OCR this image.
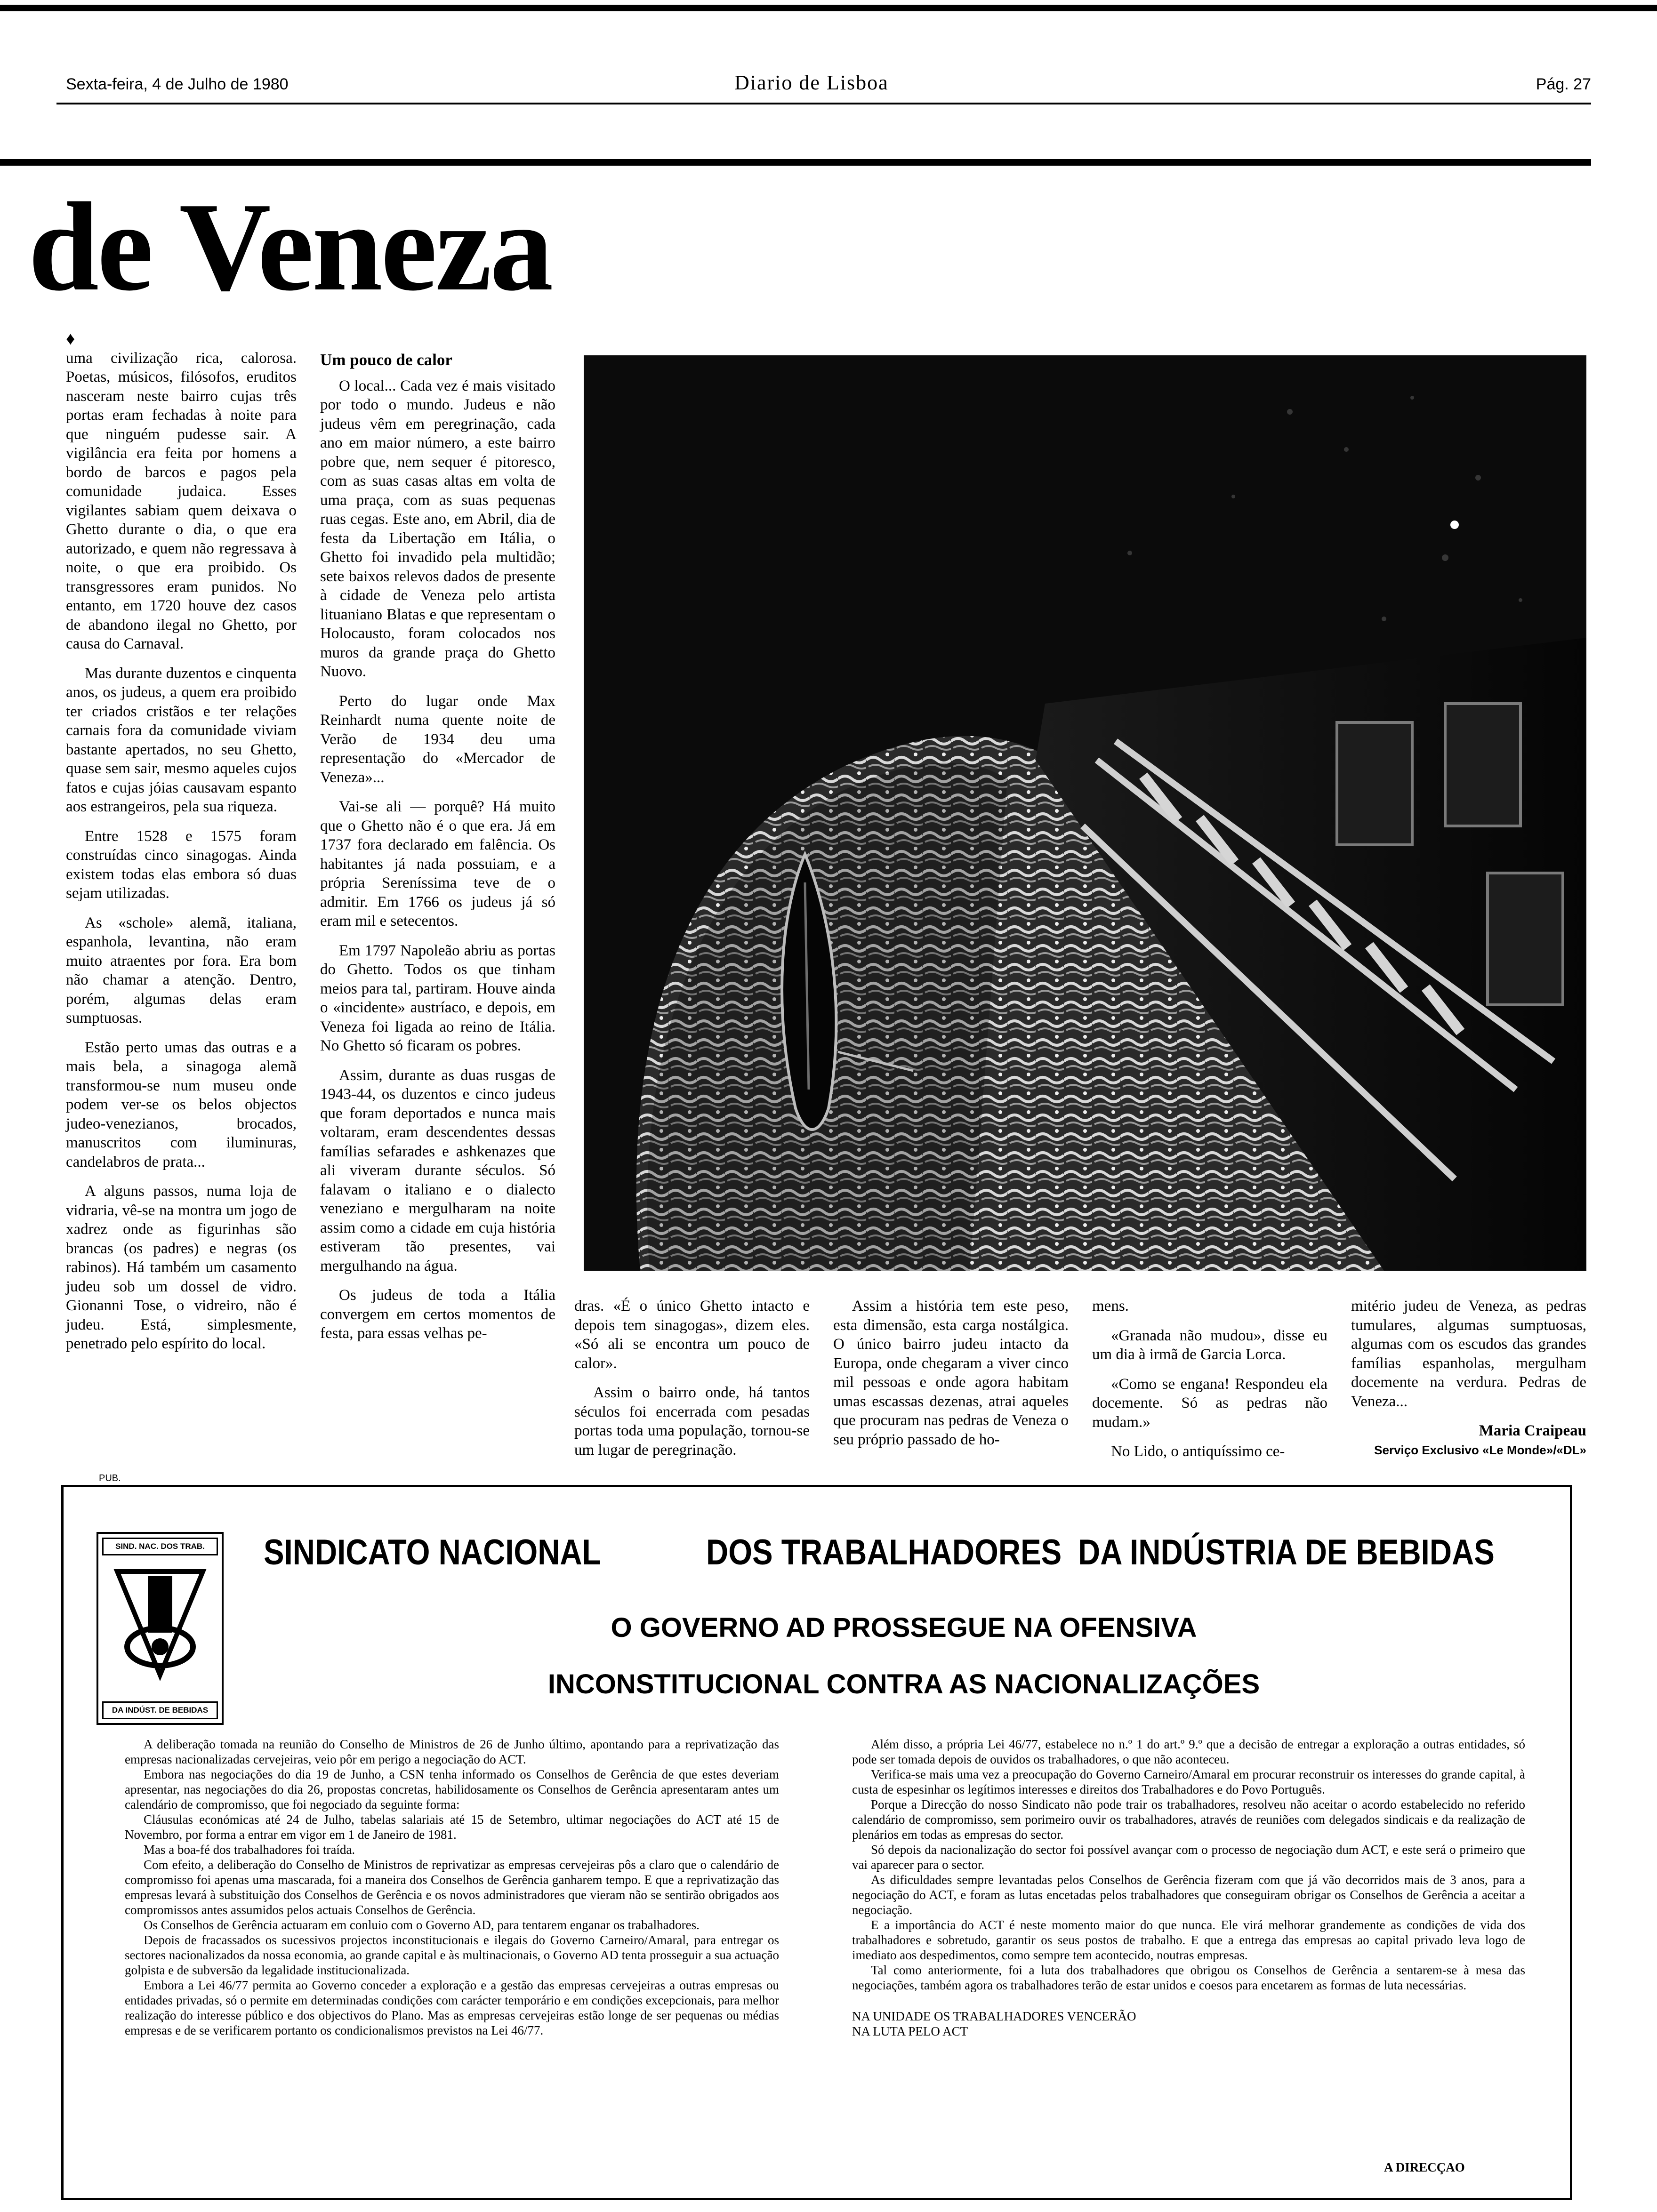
Sexta-feira, 4 de Julho de 1980	Diario de Lisboa	Pág. 27
de Veneza
♦

uma civilização rica, calorosa. Poetas, músicos, filósofos, eruditos nasceram neste bairro cujas três portas eram fechadas à noite para que ninguém pudesse sair. A vigilância era feita por homens a bordo de barcos e pagos pela comunidade judaica. Esses vigilantes sabiam quem deixava o Ghetto durante o dia, o que era autorizado, e quem não regressava à noite, o que era proibido. Os transgressores eram punidos. No entanto, em 1720 houve dez casos de abandono ilegal no Ghetto, por causa do Carnaval.

Mas durante duzentos e cinquenta anos, os judeus, a quem era proibido ter criados cristãos e ter relações carnais fora da comunidade viviam bastante apertados, no seu Ghetto, quase sem sair, mesmo aqueles cujos fatos e cujas jóias causavam espanto aos estrangeiros, pela sua riqueza.

Entre 1528 e 1575 foram construídas cinco sinagogas. Ainda existem todas elas embora só duas sejam utilizadas.

As «schole» alemã, italiana, espanhola, levantina, não eram muito atraentes por fora. Era bom não chamar a atenção. Dentro, porém, algumas delas eram sumptuosas.

Estão perto umas das outras e a mais bela, a sinagoga alemã transformou-se num museu onde podem ver-se os belos objectos judeo-venezianos, brocados, manuscritos com iluminuras, candelabros de prata...

A alguns passos, numa loja de vidraria, vê-se na montra um jogo de xadrez onde as figurinhas são brancas (os padres) e negras (os rabinos). Há também um casamento judeu sob um dossel de vidro. Gionanni Tose, o vidreiro, não é judeu. Está, simplesmente, penetrado pelo espírito do local.

Um pouco de calor

O local... Cada vez é mais visitado por todo o mundo. Judeus e não judeus vêm em peregrinação, cada ano em maior número, a este bairro pobre que, nem sequer é pitoresco, com as suas casas altas em volta de uma praça, com as suas pequenas ruas cegas. Este ano, em Abril, dia de festa da Libertação em Itália, o Ghetto foi invadido pela multidão; sete baixos relevos dados de presente à cidade de Veneza pelo artista lituaniano Blatas e que representam o Holocausto, foram colocados nos muros da grande praça do Ghetto Nuovo.

Perto do lugar onde Max Reinhardt numa quente noite de Verão de 1934 deu uma representação do «Mercador de Veneza»...

Vai-se ali — porquê? Há muito que o Ghetto não é o que era. Já em 1737 fora declarado em falência. Os habitantes já nada possuiam, e a própria Sereníssima teve de o admitir. Em 1766 os judeus já só eram mil e setecentos.

Em 1797 Napoleão abriu as portas do Ghetto. Todos os que tinham meios para tal, partiram. Houve ainda o «incidente» austríaco, e depois, em Veneza foi ligada ao reino de Itália. No Ghetto só ficaram os pobres.

Assim, durante as duas rusgas de 1943-44, os duzentos e cinco judeus que foram deportados e nunca mais voltaram, eram descendentes dessas famílias sefarades e ashkenazes que ali viveram durante séculos. Só falavam o italiano e o dialecto veneziano e mergulharam na noite assim como a cidade em cuja história estiveram tão presentes, vai mergulhando na água.

Os judeus de toda a Itália convergem em certos momentos de festa, para essas velhas pe-

dras. «É o único Ghetto intacto e depois tem sinagogas», dizem eles. «Só ali se encontra um pouco de calor».

Assim o bairro onde, há tantos séculos foi encerrada com pesadas portas toda uma população, tornou-se um lugar de peregrinação.

Assim a história tem este peso, esta dimensão, esta carga nostálgica. O único bairro judeu intacto da Europa, onde chegaram a viver cinco mil pessoas e onde agora habitam umas escassas dezenas, atrai aqueles que procuram nas pedras de Veneza o seu próprio passado de ho-

mens.

«Granada não mudou», disse eu um dia à irmã de Garcia Lorca.

«Como se engana! Respondeu ela docemente. Só as pedras não mudam.»

No Lido, o antiquíssimo ce-

mitério judeu de Veneza, as pedras tumulares, algumas sumptuosas, algumas com os escudos das grandes famílias espanholas, mergulham docemente na verdura. Pedras de Veneza...

Maria Craipeau
Serviço Exclusivo «Le Monde»/«DL»
PUB.
SIND. NAC. DOS TRAB.
DA INDÚST. DE BEBIDAS
SINDICATO NACIONAL	DOS TRABALHADORES DA INDÚSTRIA DE BEBIDAS
O GOVERNO AD PROSSEGUE NA OFENSIVA
INCONSTITUCIONAL CONTRA AS NACIONALIZAÇÕES

A deliberação tomada na reunião do Conselho de Ministros de 26 de Junho último, apontando para a reprivatização das empresas nacionalizadas cervejeiras, veio pôr em perigo a negociação do ACT.

Embora nas negociações do dia 19 de Junho, a CSN tenha informado os Conselhos de Gerência de que estes deveriam apresentar, nas negociações do dia 26, propostas concretas, habilidosamente os Conselhos de Gerência apresentaram antes um calendário de compromisso, que foi negociado da seguinte forma:

Cláusulas económicas até 24 de Julho, tabelas salariais até 15 de Setembro, ultimar negociações do ACT até 15 de Novembro, por forma a entrar em vigor em 1 de Janeiro de 1981.

Mas a boa-fé dos trabalhadores foi traída.

Com efeito, a deliberação do Conselho de Ministros de reprivatizar as empresas cervejeiras pôs a claro que o calendário de compromisso foi apenas uma mascarada, foi a maneira dos Conselhos de Gerência ganharem tempo. E que a reprivatização das empresas levará à substituição dos Conselhos de Gerência e os novos administradores que vieram não se sentirão obrigados aos compromissos antes assumidos pelos actuais Conselhos de Gerência.

Os Conselhos de Gerência actuaram em conluio com o Governo AD, para tentarem enganar os trabalhadores.

Depois de fracassados os sucessivos projectos inconstitucionais e ilegais do Governo Carneiro/Amaral, para entregar os sectores nacionalizados da nossa economia, ao grande capital e às multinacionais, o Governo AD tenta prosseguir a sua actuação golpista e de subversão da legalidade institucionalizada.

Embora a Lei 46/77 permita ao Governo conceder a exploração e a gestão das empresas cervejeiras a outras empresas ou entidades privadas, só o permite em determinadas condições com carácter temporário e em condições excepcionais, para melhor realização do interesse público e dos objectivos do Plano. Mas as empresas cervejeiras estão longe de ser pequenas ou médias empresas e de se verificarem portanto os condicionalismos previstos na Lei 46/77.

Além disso, a própria Lei 46/77, estabelece no n.º 1 do art.º 9.º que a decisão de entregar a exploração a outras entidades, só pode ser tomada depois de ouvidos os trabalhadores, o que não aconteceu.

Verifica-se mais uma vez a preocupação do Governo Carneiro/Amaral em procurar reconstruir os interesses do grande capital, à custa de espesinhar os legítimos interesses e direitos dos Trabalhadores e do Povo Português.

Porque a Direcção do nosso Sindicato não pode trair os trabalhadores, resolveu não aceitar o acordo estabelecido no referido calendário de compromisso, sem porimeiro ouvir os trabalhadores, através de reuniões com delegados sindicais e da realização de plenários em todas as empresas do sector.

Só depois da nacionalização do sector foi possível avançar com o processo de negociação dum ACT, e este será o primeiro que vai aparecer para o sector.

As dificuldades sempre levantadas pelos Conselhos de Gerência fizeram com que já vão decorridos mais de 3 anos, para a negociação do ACT, e foram as lutas encetadas pelos trabalhadores que conseguiram obrigar os Conselhos de Gerência a aceitar a negociação.

E a importância do ACT é neste momento maior do que nunca. Ele virá melhorar grandemente as condições de vida dos trabalhadores e sobretudo, garantir os seus postos de trabalho. E que a entrega das empresas ao capital privado leva logo de imediato aos despedimentos, como sempre tem acontecido, noutras empresas.

Tal como anteriormente, foi a luta dos trabalhadores que obrigou os Conselhos de Gerência a sentarem-se à mesa das negociações, também agora os trabalhadores terão de estar unidos e coesos para encetarem as formas de luta necessárias.

NA UNIDADE OS TRABALHADORES VENCERÃO

NA LUTA PELO ACT

A DIRECÇAO
